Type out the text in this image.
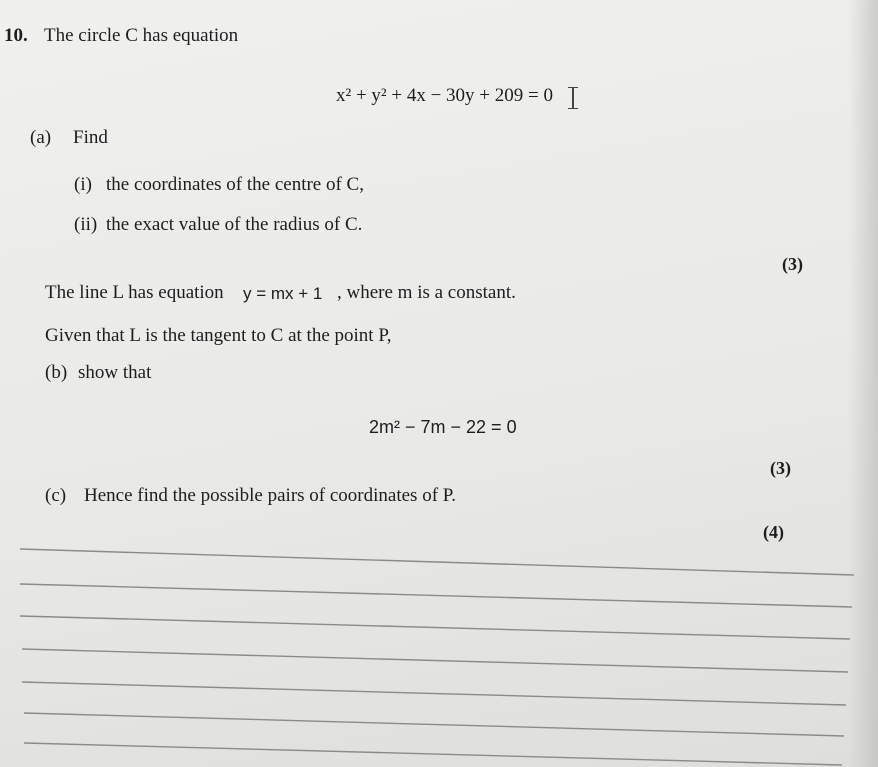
10. The circle C has equation
x² + y² + 4x − 30y + 209 = 0
(a) Find
(i) the coordinates of the centre of C,
(ii) the exact value of the radius of C.
(3)
The line L has equation y = mx + 1 , where m is a constant.
Given that L is the tangent to C at the point P,
(b) show that
2m² − 7m − 22 = 0
(3)
(c) Hence find the possible pairs of coordinates of P.
(4)
